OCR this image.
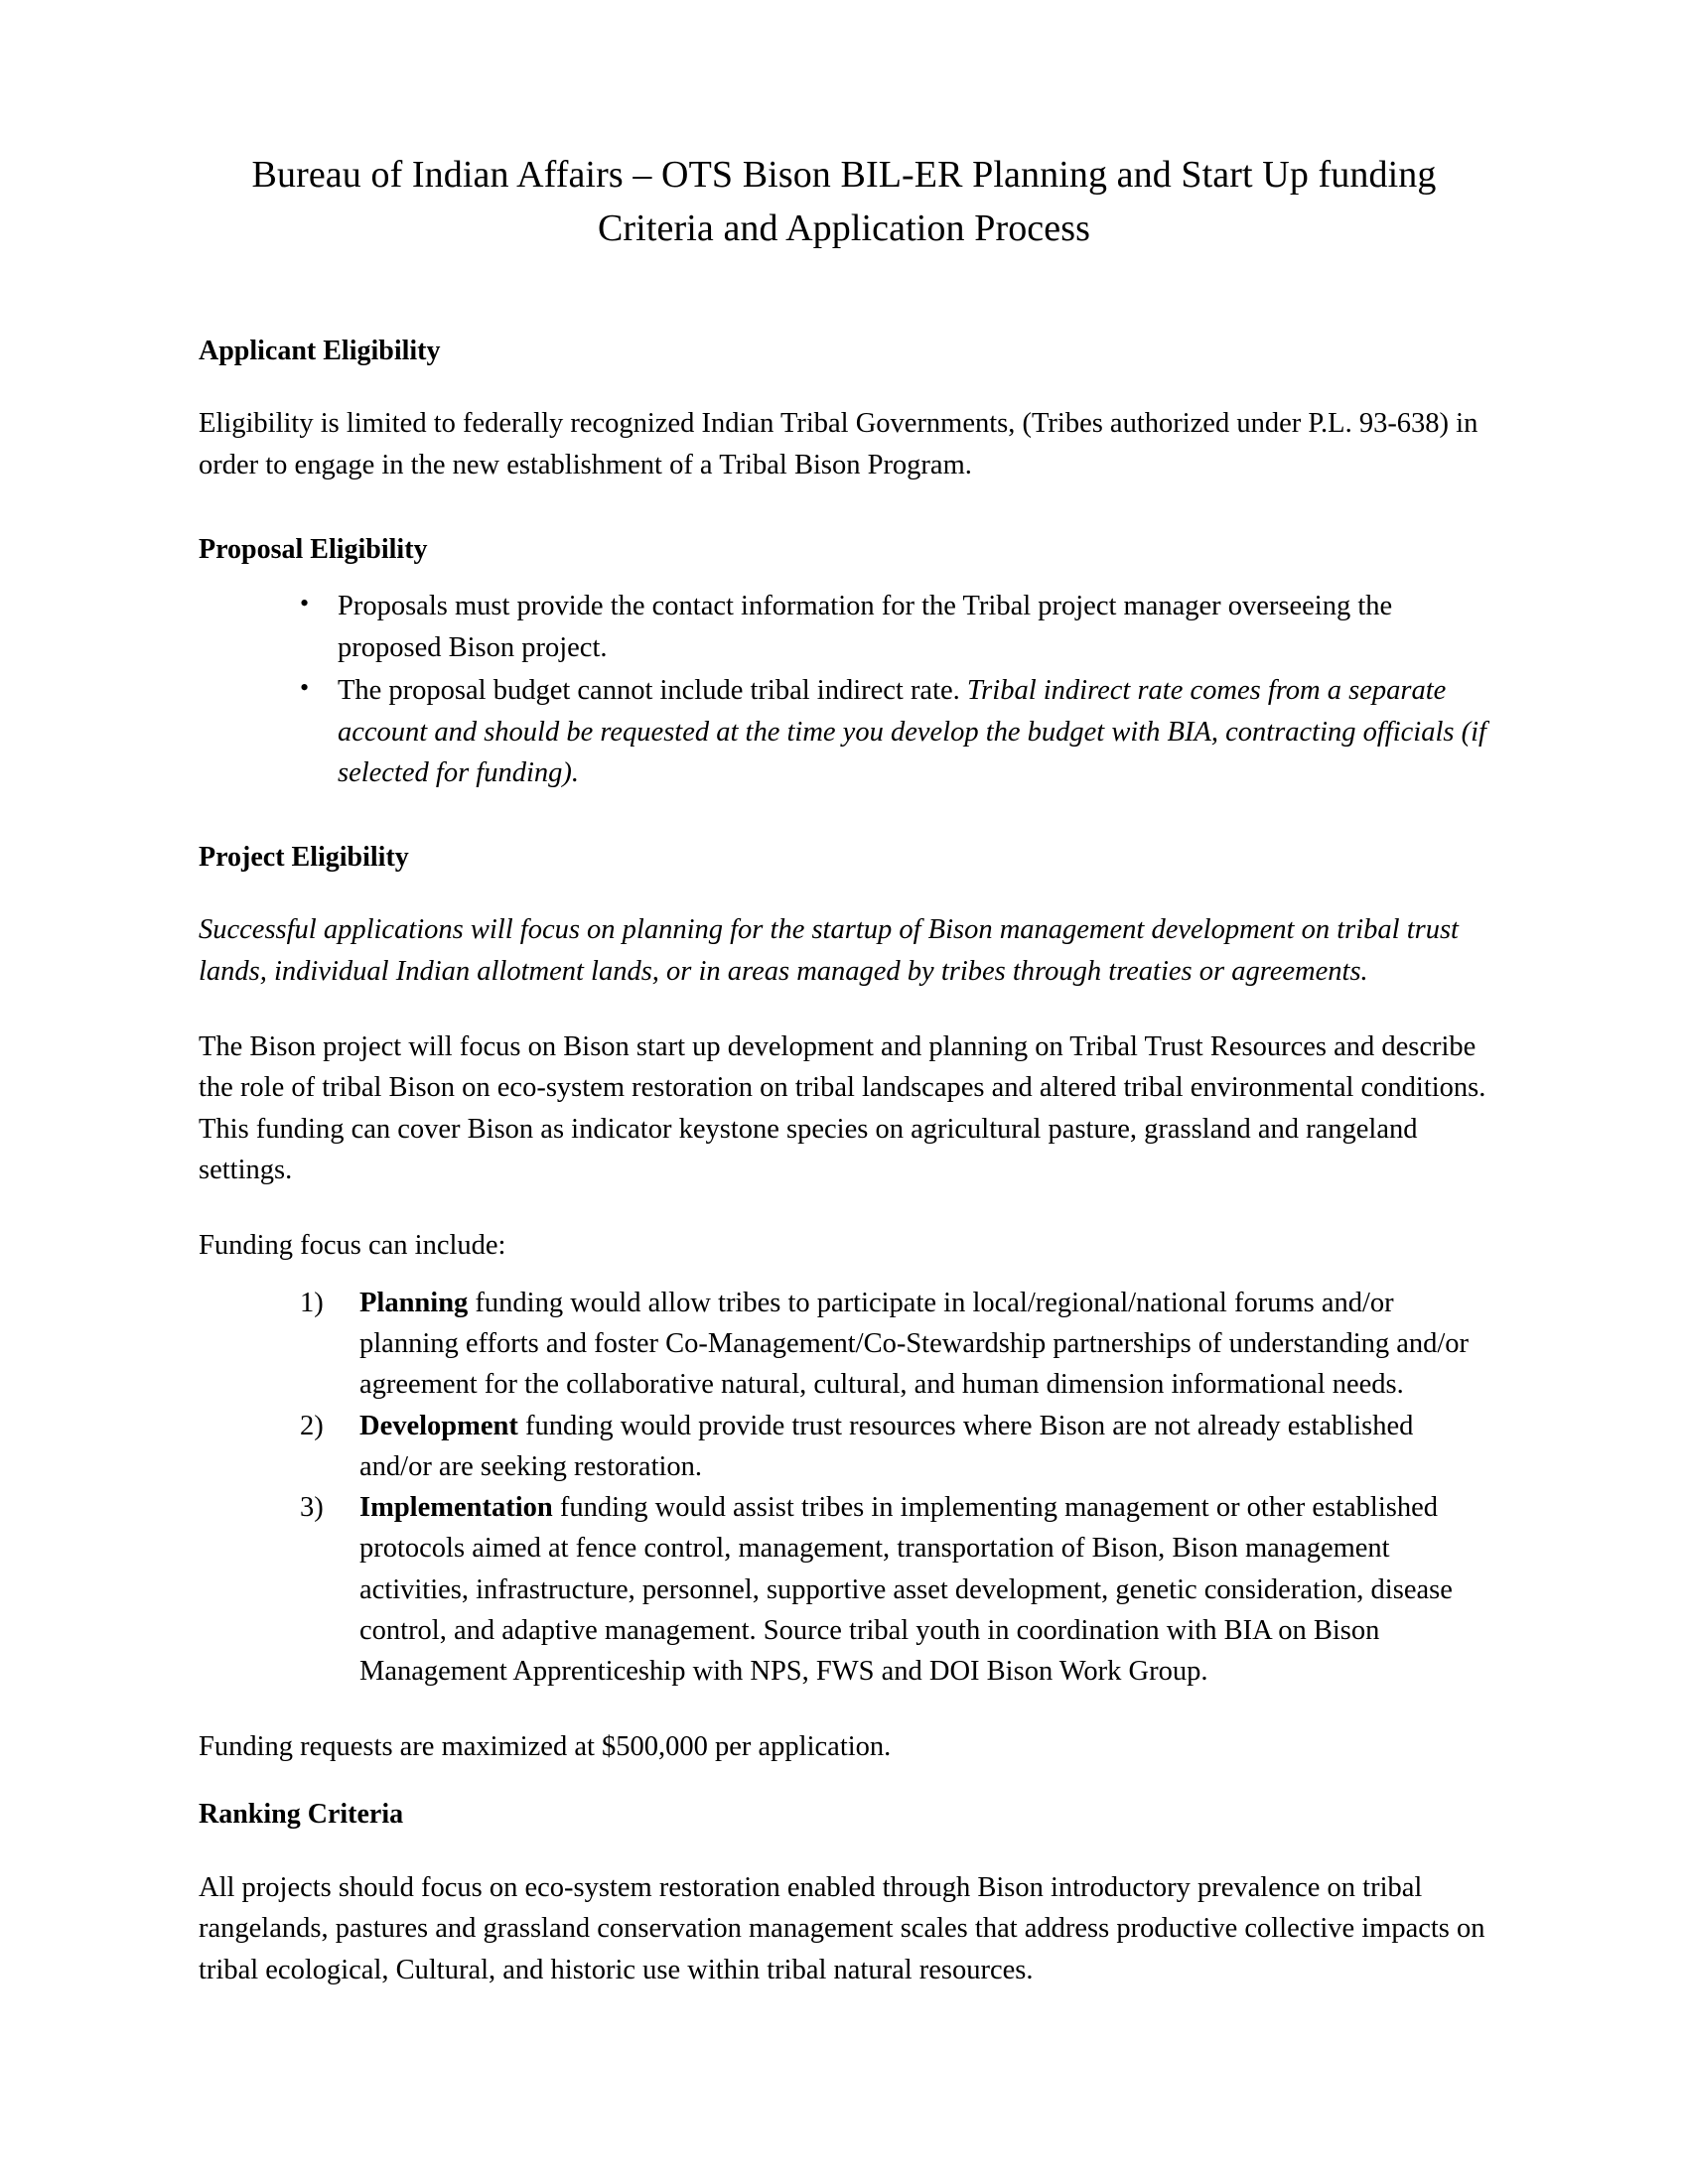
Bureau of Indian Affairs – OTS Bison BIL-ER Planning and Start Up funding Criteria and Application Process
Applicant Eligibility

Eligibility is limited to federally recognized Indian Tribal Governments, (Tribes authorized under P.L. 93-638) in order to engage in the new establishment of a Tribal Bison Program.

Proposal Eligibility
• Proposals must provide the contact information for the Tribal project manager overseeing the proposed Bison project.
• The proposal budget cannot include tribal indirect rate. Tribal indirect rate comes from a separate account and should be requested at the time you develop the budget with BIA, contracting officials (if selected for funding).
Project Eligibility

Successful applications will focus on planning for the startup of Bison management development on tribal trust lands, individual Indian allotment lands, or in areas managed by tribes through treaties or agreements.

The Bison project will focus on Bison start up development and planning on Tribal Trust Resources and describe the role of tribal Bison on eco-system restoration on tribal landscapes and altered tribal environmental conditions. This funding can cover Bison as indicator keystone species on agricultural pasture, grassland and rangeland settings.

Funding focus can include:

Planning funding would allow tribes to participate in local/regional/national forums and/or planning efforts and foster Co-Management/Co-Stewardship partnerships of understanding and/or agreement for the collaborative natural, cultural, and human dimension informational needs.
Development funding would provide trust resources where Bison are not already established and/or are seeking restoration.
Implementation funding would assist tribes in implementing management or other established protocols aimed at fence control, management, transportation of Bison, Bison management activities, infrastructure, personnel, supportive asset development, genetic consideration, disease control, and adaptive management. Source tribal youth in coordination with BIA on Bison Management Apprenticeship with NPS, FWS and DOI Bison Work Group.

Funding requests are maximized at $500,000 per application.

Ranking Criteria

All projects should focus on eco-system restoration enabled through Bison introductory prevalence on tribal rangelands, pastures and grassland conservation management scales that address productive collective impacts on tribal ecological, Cultural, and historic use within tribal natural resources.
